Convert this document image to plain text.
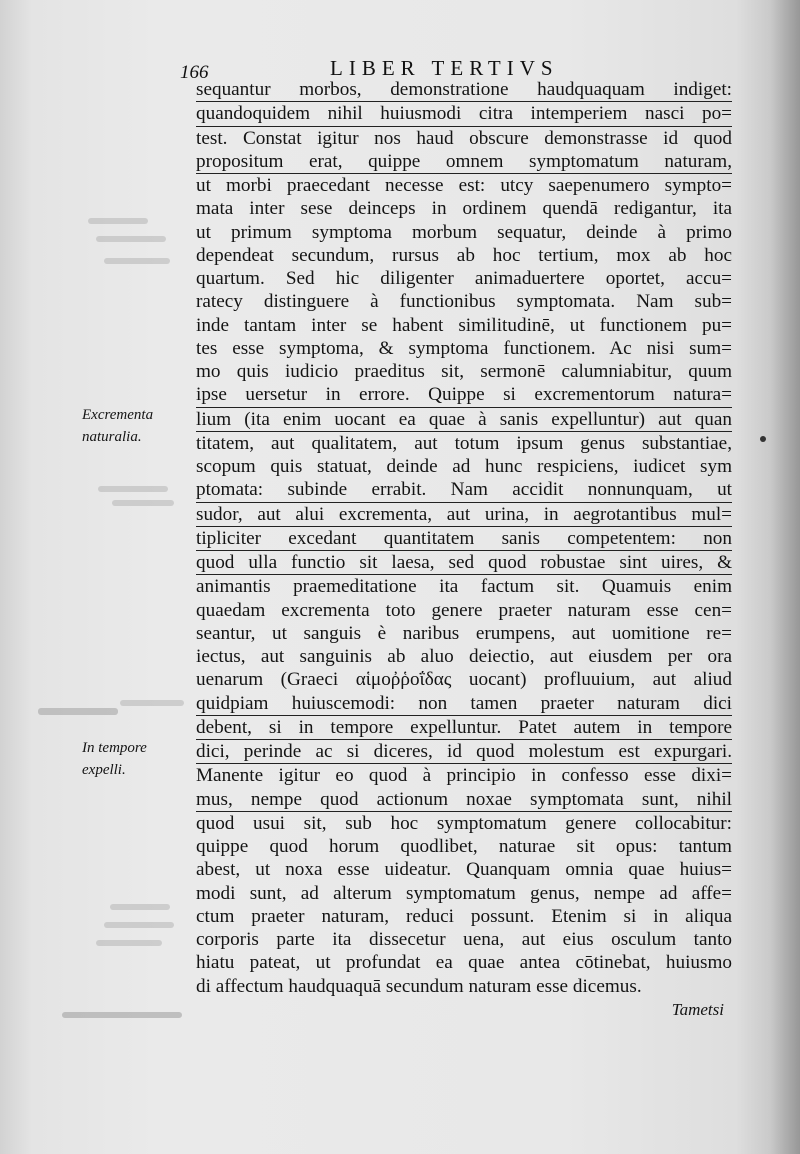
166	LIBER TERTIVS
Excrementa
naturalia.
In tempore
expelli.
sequantur morbos, demonstratione haudquaquam indiget:
quandoquidem nihil huiusmodi citra intemperiem nasci po=
test. Constat igitur nos haud obscure demonstrasse id quod
propositum erat, quippe omnem symptomatum naturam,
ut morbi praecedant necesse est: utcy saepenumero sympto=
mata inter sese deinceps in ordinem quendā redigantur, ita
ut primum symptoma morbum sequatur, deinde à primo
dependeat secundum, rursus ab hoc tertium, mox ab hoc
quartum. Sed hic diligenter animaduertere oportet, accu=
ratecy distinguere à functionibus symptomata. Nam sub=
inde tantam inter se habent similitudinē, ut functionem pu=
tes esse symptoma, & symptoma functionem. Ac nisi sum=
mo quis iudicio praeditus sit, sermonē calumniabitur, quum
ipse uersetur in errore. Quippe si excrementorum natura=
lium (ita enim uocant ea quae à sanis expelluntur) aut quan
titatem, aut qualitatem, aut totum ipsum genus substantiae,
scopum quis statuat, deinde ad hunc respiciens, iudicet sym
ptomata: subinde errabit. Nam accidit nonnunquam, ut
sudor, aut alui excrementa, aut urina, in aegrotantibus mul=
tipliciter excedant quantitatem sanis competentem: non
quod ulla functio sit laesa, sed quod robustae sint uires, &
animantis praemeditatione ita factum sit. Quamuis enim
quaedam excrementa toto genere praeter naturam esse cen=
seantur, ut sanguis è naribus erumpens, aut uomitione re=
iectus, aut sanguinis ab aluo deiectio, aut eiusdem per ora
uenarum (Graeci αἱμοῤῥοΐδας uocant) profluuium, aut aliud
quidpiam huiuscemodi: non tamen praeter naturam dici
debent, si in tempore expelluntur. Patet autem in tempore
dici, perinde ac si diceres, id quod molestum est expurgari.
Manente igitur eo quod à principio in confesso esse dixi=
mus, nempe quod actionum noxae symptomata sunt, nihil
quod usui sit, sub hoc symptomatum genere collocabitur:
quippe quod horum quodlibet, naturae sit opus: tantum
abest, ut noxa esse uideatur. Quanquam omnia quae huius=
modi sunt, ad alterum symptomatum genus, nempe ad affe=
ctum praeter naturam, reduci possunt. Etenim si in aliqua
corporis parte ita dissecetur uena, aut eius osculum tanto
hiatu pateat, ut profundat ea quae antea cōtinebat, huiusmo
di affectum haudquaquā secundum naturam esse dicemus.
Tametsi
